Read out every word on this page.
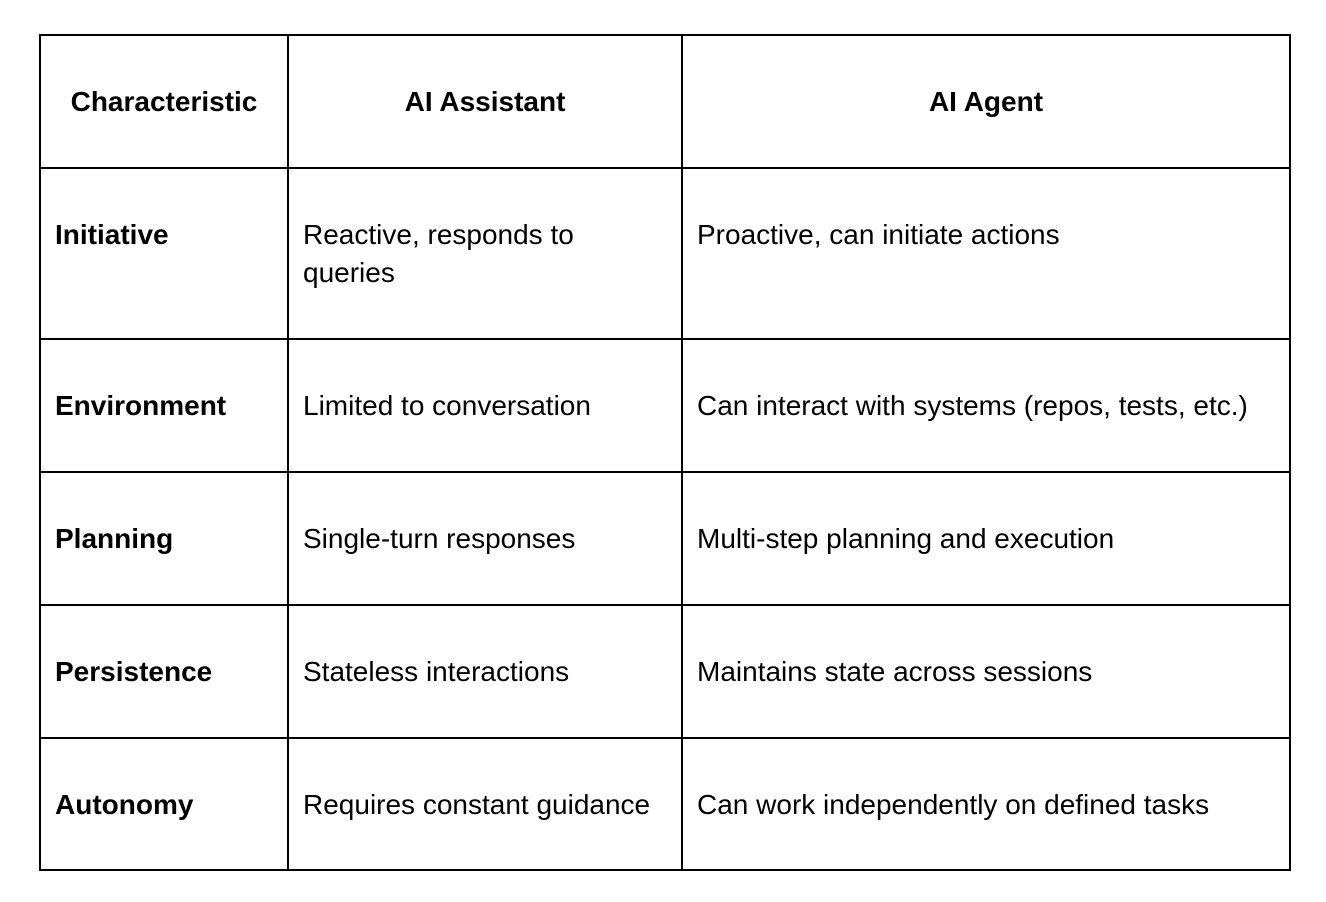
Characteristic	AI Assistant	AI Agent
Initiative	Reactive, responds to queries	Proactive, can initiate actions
Environment	Limited to conversation	Can interact with systems (repos, tests, etc.)
Planning	Single-turn responses	Multi-step planning and execution
Persistence	Stateless interactions	Maintains state across sessions
Autonomy	Requires constant guidance	Can work independently on defined tasks
